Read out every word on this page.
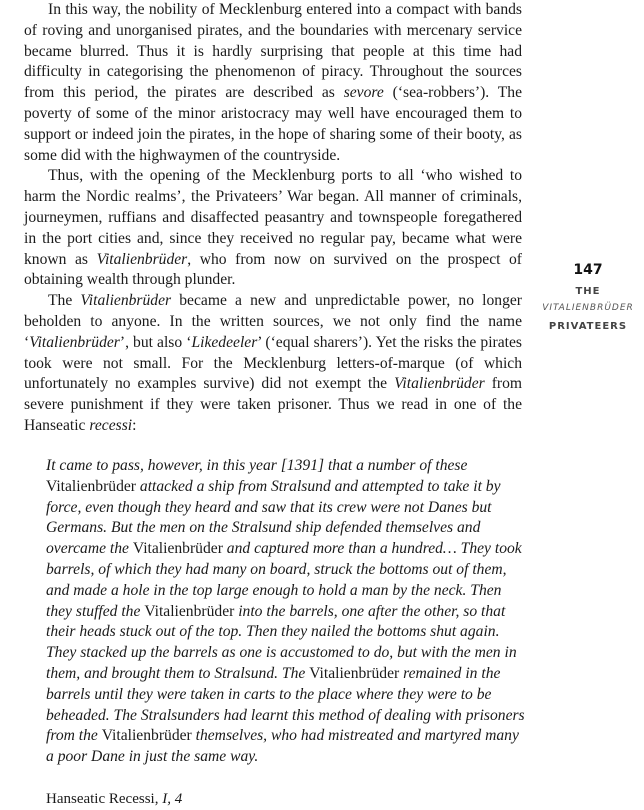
In this way, the nobility of Mecklenburg entered into a compact with bands of roving and unorganised pirates, and the boundaries with mercenary service became blurred. Thus it is hardly surprising that people at this time had difficulty in categorising the phenomenon of piracy. Throughout the sources from this period, the pirates are described as sevore (‘sea-robbers’). The poverty of some of the minor aristocracy may well have encouraged them to support or indeed join the pirates, in the hope of sharing some of their booty, as some did with the highwaymen of the countryside.

Thus, with the opening of the Mecklenburg ports to all ‘who wished to harm the Nordic realms’, the Privateers’ War began. All manner of criminals, journeymen, ruffians and disaffected peasantry and townspeople foregathered in the port cities and, since they received no regular pay, became what were known as Vitalienbrüder, who from now on survived on the prospect of obtaining wealth through plunder.

The Vitalienbrüder became a new and unpredictable power, no longer beholden to anyone. In the written sources, we not only find the name ‘Vitalienbrüder’, but also ‘Likedeeler’ (‘equal sharers’). Yet the risks the pirates took were not small. For the Mecklenburg letters-of-marque (of which unfortunately no examples survive) did not exempt the Vitalienbrüder from severe punishment if they were taken prisoner. Thus we read in one of the Hanseatic recessi:

It came to pass, however, in this year [1391] that a number of these Vitalienbrüder attacked a ship from Stralsund and attempted to take it by force, even though they heard and saw that its crew were not Danes but Germans. But the men on the Stralsund ship defended themselves and overcame the Vitalienbrüder and captured more than a hundred… They took barrels, of which they had many on board, struck the bottoms out of them, and made a hole in the top large enough to hold a man by the neck. Then they stuffed the Vitalienbrüder into the barrels, one after the other, so that their heads stuck out of the top. Then they nailed the bottoms shut again. They stacked up the barrels as one is accustomed to do, but with the men in them, and brought them to Stralsund. The Vitalienbrüder remained in the barrels until they were taken in carts to the place where they were to be beheaded. The Stralsunders had learnt this method of dealing with prisoners from the Vitalienbrüder themselves, who had mistreated and martyred many a poor Dane in just the same way.

Hanseatic Recessi, I, 4
147
THE
VITALIENBRÜDER
PRIVATEERS
